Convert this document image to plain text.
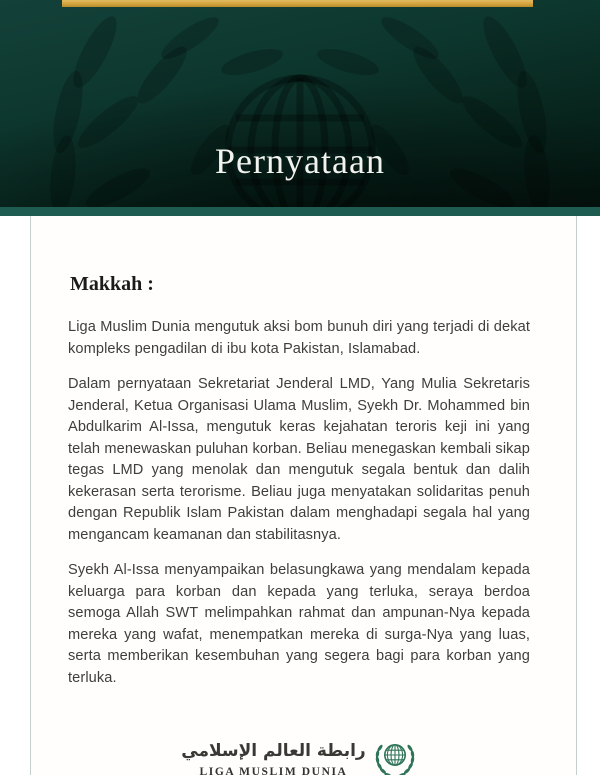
Pernyataan
Makkah :

Liga Muslim Dunia mengutuk aksi bom bunuh diri yang terjadi di dekat kompleks pengadilan di ibu kota Pakistan, Islamabad.

Dalam pernyataan Sekretariat Jenderal LMD, Yang Mulia Sekretaris Jenderal, Ketua Organisasi Ulama Muslim, Syekh Dr. Mohammed bin Abdulkarim Al-Issa, mengutuk keras kejahatan teroris keji ini yang telah menewaskan puluhan korban. Beliau menegaskan kembali sikap tegas LMD yang menolak dan mengutuk segala bentuk dan dalih kekerasan serta terorisme. Beliau juga menyatakan solidaritas penuh dengan Republik Islam Pakistan dalam menghadapi segala hal yang mengancam keamanan dan stabilitasnya.

Syekh Al-Issa menyampaikan belasungkawa yang mendalam kepada keluarga para korban dan kepada yang terluka, seraya berdoa semoga Allah SWT melimpahkan rahmat dan ampunan-Nya kepada mereka yang wafat, menempatkan mereka di surga-Nya yang luas, serta memberikan kesembuhan yang segera bagi para korban yang terluka.

رابطة العالم الإسلامي
LIGA MUSLIM DUNIA
